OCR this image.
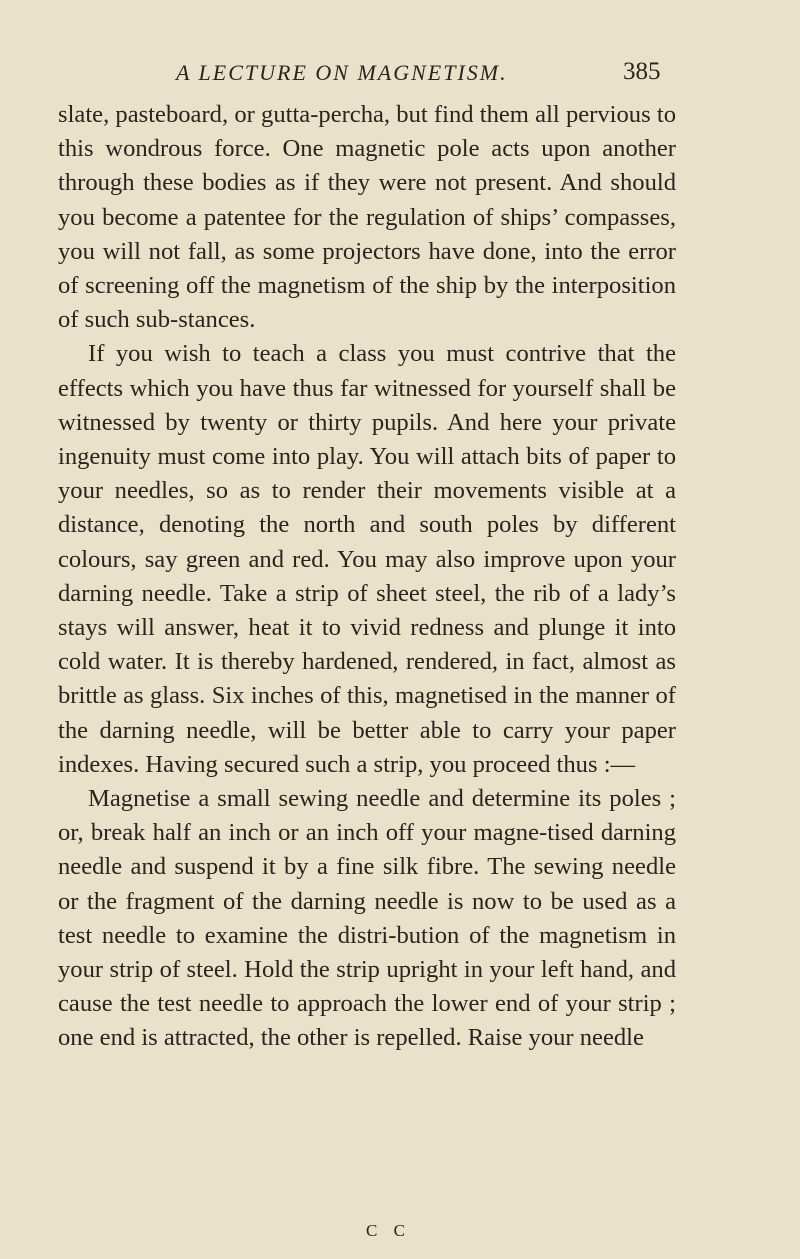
A LECTURE ON MAGNETISM.	385

slate, pasteboard, or gutta-percha, but find them all pervious to this wondrous force. One magnetic pole acts upon another through these bodies as if they were not present. And should you become a patentee for the regulation of ships’ compasses, you will not fall, as some projectors have done, into the error of screening off the magnetism of the ship by the interposition of such sub-stances.

If you wish to teach a class you must contrive that the effects which you have thus far witnessed for yourself shall be witnessed by twenty or thirty pupils. And here your private ingenuity must come into play. You will attach bits of paper to your needles, so as to render their movements visible at a distance, denoting the north and south poles by different colours, say green and red. You may also improve upon your darning needle. Take a strip of sheet steel, the rib of a lady’s stays will answer, heat it to vivid redness and plunge it into cold water. It is thereby hardened, rendered, in fact, almost as brittle as glass. Six inches of this, magnetised in the manner of the darning needle, will be better able to carry your paper indexes. Having secured such a strip, you proceed thus :—

Magnetise a small sewing needle and determine its poles ; or, break half an inch or an inch off your magne-tised darning needle and suspend it by a fine silk fibre. The sewing needle or the fragment of the darning needle is now to be used as a test needle to examine the distri-bution of the magnetism in your strip of steel. Hold the strip upright in your left hand, and cause the test needle to approach the lower end of your strip ; one end is attracted, the other is repelled. Raise your needle

C C
